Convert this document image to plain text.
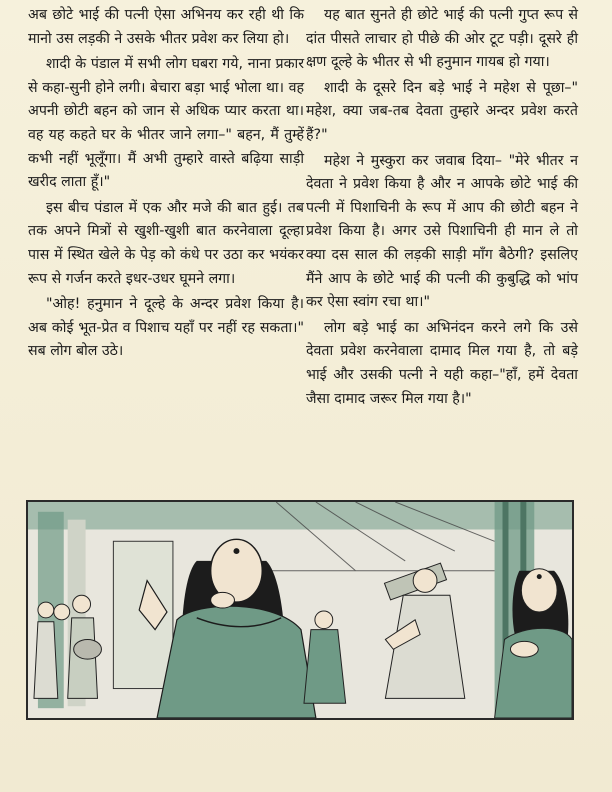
अब छोटे भाई की पत्नी ऐसा अभिनय कर रही थी कि मानो उस लड़की ने उसके भीतर प्रवेश कर लिया हो।

शादी के पंडाल में सभी लोग घबरा गये, नाना प्रकार से कहा-सुनी होने लगी। बेचारा बड़ा भाई भोला था। वह अपनी छोटी बहन को जान से अधिक प्यार करता था। वह यह कहते घर के भीतर जाने लगा–" बहन, मैं तुम्हें कभी नहीं भूलूँगा। मैं अभी तुम्हारे वास्ते बढ़िया साड़ी खरीद लाता हूँ।"

इस बीच पंडाल में एक और मजे की बात हुई। तब तक अपने मित्रों से खुशी-खुशी बात करनेवाला दूल्हा पास में स्थित खेले के पेड़ को कंधे पर उठा कर भयंकर रूप से गर्जन करते इधर-उधर घूमने लगा।

"ओह! हनुमान ने दूल्हे के अन्दर प्रवेश किया है। अब कोई भूत-प्रेत व पिशाच यहाँ पर नहीं रह सकता।" सब लोग बोल उठे।

यह बात सुनते ही छोटे भाई की पत्नी गुप्त रूप से दांत पीसते लाचार हो पीछे की ओर टूट पड़ी। दूसरे ही क्षण दूल्हे के भीतर से भी हनुमान गायब हो गया।

शादी के दूसरे दिन बड़े भाई ने महेश से पूछा–" महेश, क्या जब-तब देवता तुम्हारे अन्दर प्रवेश करते हैं?"

महेश ने मुस्कुरा कर जवाब दिया– "मेरे भीतर न देवता ने प्रवेश किया है और न आपके छोटे भाई की पत्नी में पिशाचिनी के रूप में आप की छोटी बहन ने प्रवेश किया है। अगर उसे पिशाचिनी ही मान ले तो क्या दस साल की लड़की साड़ी माँग बैठेगी? इसलिए मैंने आप के छोटे भाई की पत्नी की कुबुद्धि को भांप कर ऐसा स्वांग रचा था।"

लोग बड़े भाई का अभिनंदन करने लगे कि उसे देवता प्रवेश करनेवाला दामाद मिल गया है, तो बड़े भाई और उसकी पत्नी ने यही कहा–"हाँ, हमें देवता जैसा दामाद जरूर मिल गया है।"
